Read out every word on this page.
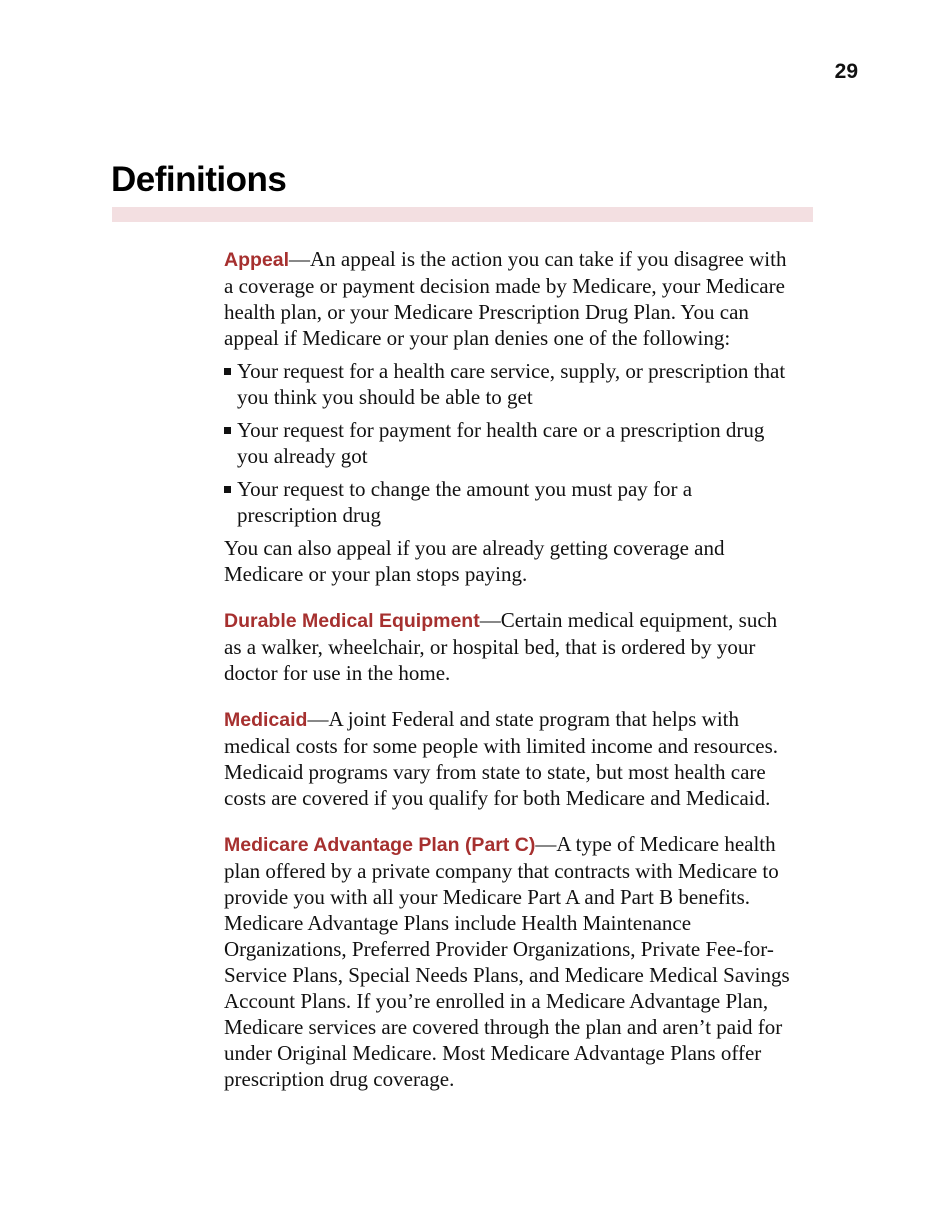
29
Definitions

Appeal—An appeal is the action you can take if you disagree with a coverage or payment decision made by Medicare, your Medicare health plan, or your Medicare Prescription Drug Plan. You can appeal if Medicare or your plan denies one of the following:

Your request for a health care service, supply, or prescription that you think you should be able to get
Your request for payment for health care or a prescription drug you already got
Your request to change the amount you must pay for a prescription drug

You can also appeal if you are already getting coverage and Medicare or your plan stops paying.

Durable Medical Equipment—Certain medical equipment, such as a walker, wheelchair, or hospital bed, that is ordered by your doctor for use in the home.

Medicaid—A joint Federal and state program that helps with medical costs for some people with limited income and resources. Medicaid programs vary from state to state, but most health care costs are covered if you qualify for both Medicare and Medicaid.

Medicare Advantage Plan (Part C)—A type of Medicare health plan offered by a private company that contracts with Medicare to provide you with all your Medicare Part A and Part B benefits. Medicare Advantage Plans include Health Maintenance Organizations, Preferred Provider Organizations, Private Fee-for-Service Plans, Special Needs Plans, and Medicare Medical Savings Account Plans. If you’re enrolled in a Medicare Advantage Plan, Medicare services are covered through the plan and aren’t paid for under Original Medicare. Most Medicare Advantage Plans offer prescription drug coverage.
